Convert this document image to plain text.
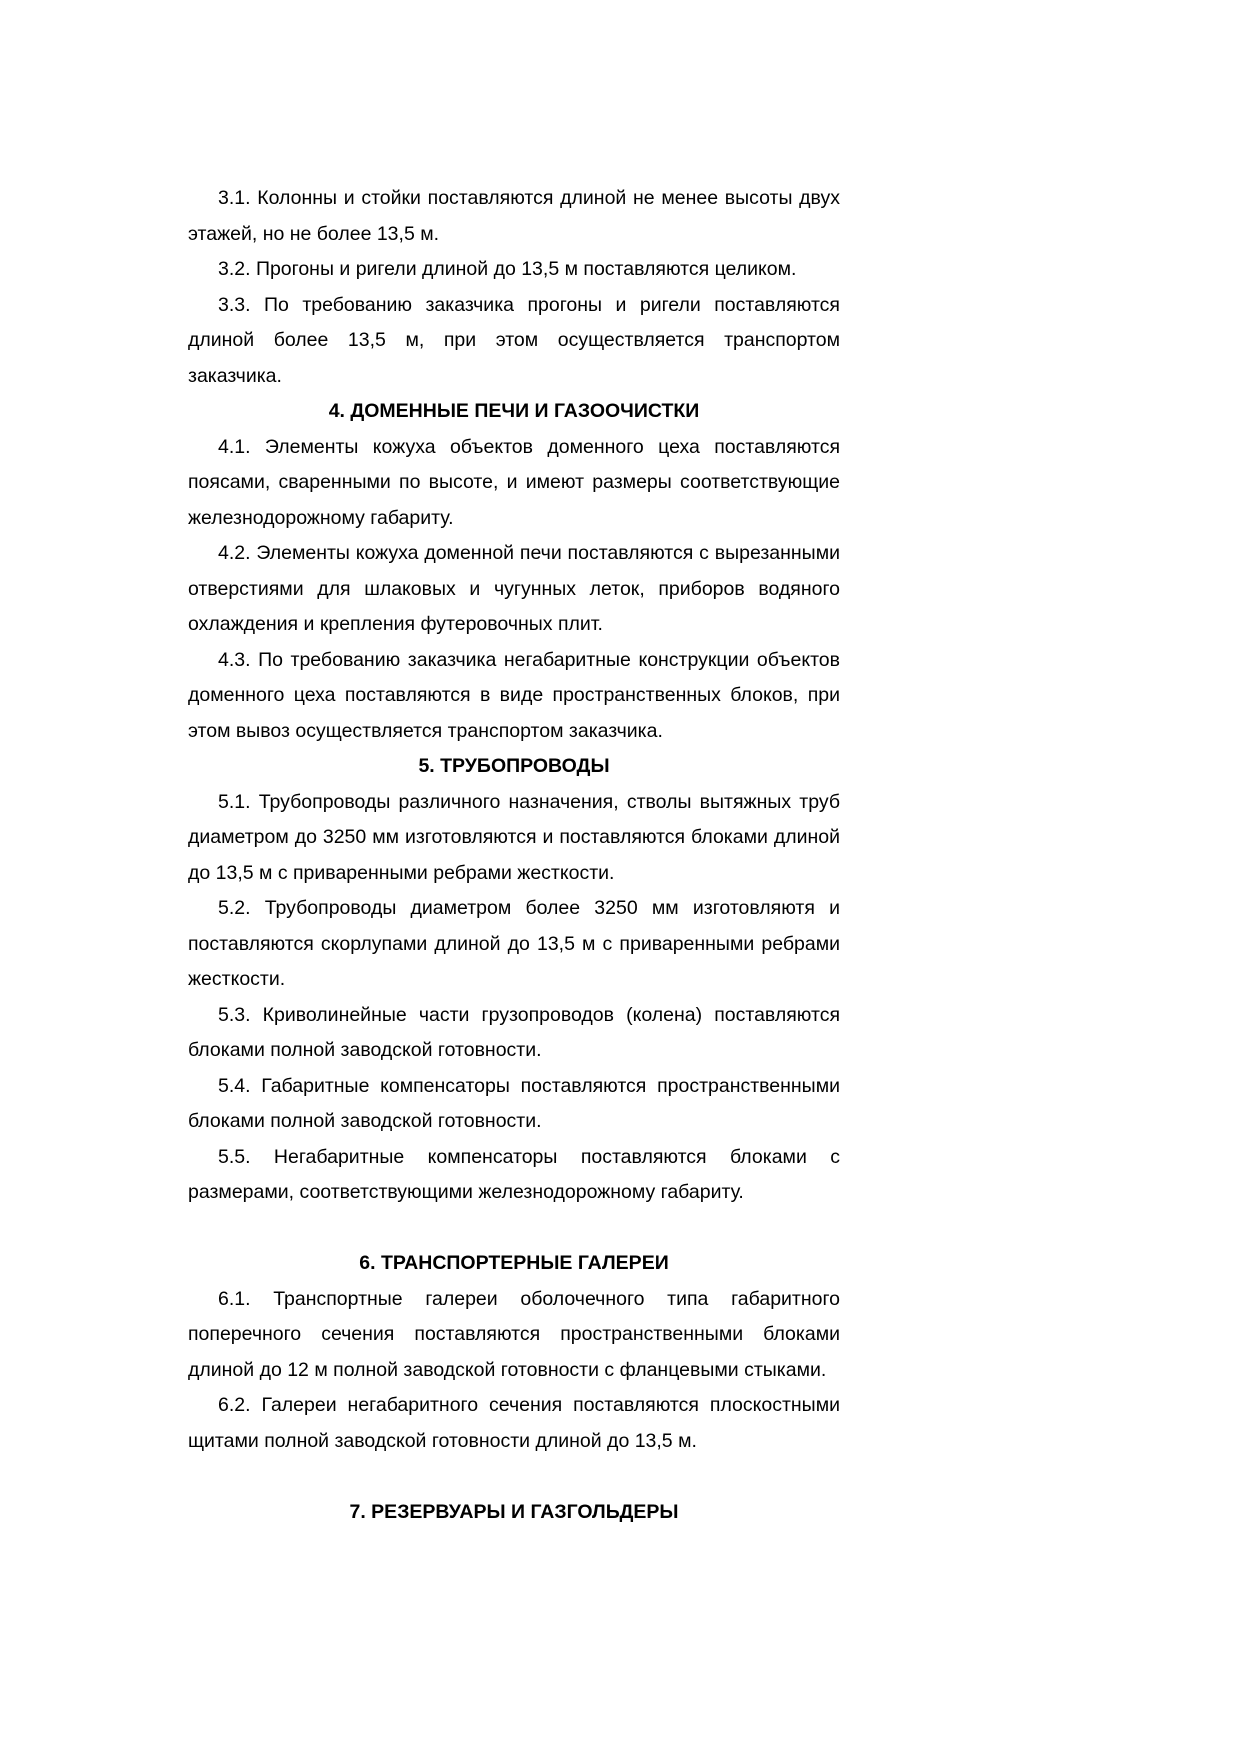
3.1. Колонны и стойки поставляются длиной не менее высоты двух этажей, но не более 13,5 м.

3.2. Прогоны и ригели длиной до 13,5 м поставляются целиком.

3.3. По требованию заказчика прогоны и ригели поставляются длиной более 13,5 м, при этом осуществляется транспортом заказчика.

4. ДОМЕННЫЕ ПЕЧИ И ГАЗООЧИСТКИ

4.1. Элементы кожуха объектов доменного цеха поставляются поясами, сваренными по высоте, и имеют размеры соответствующие железнодорожному габариту.

4.2. Элементы кожуха доменной печи поставляются с вырезанными отверстиями для шлаковых и чугунных леток, приборов водяного охлаждения и крепления футеровочных плит.

4.3. По требованию заказчика негабаритные конструкции объектов доменного цеха поставляются в виде пространственных блоков, при этом вывоз осуществляется транспортом заказчика.

5. ТРУБОПРОВОДЫ

5.1. Трубопроводы различного назначения, стволы вытяжных труб диаметром до 3250 мм изготовляются и поставляются блоками длиной до 13,5 м с приваренными ребрами жесткости.

5.2. Трубопроводы диаметром более 3250 мм изготовляютя и поставляются скорлупами длиной до 13,5 м с приваренными ребрами жесткости.

5.3. Криволинейные части грузопроводов (колена) поставляются блоками полной заводской готовности.

5.4. Габаритные компенсаторы поставляются пространственными блоками полной заводской готовности.

5.5. Негабаритные компенсаторы поставляются блоками с размерами, соответствующими железнодорожному габариту.

6. ТРАНСПОРТЕРНЫЕ ГАЛЕРЕИ

6.1. Транспортные галереи оболочечного типа габаритного поперечного сечения поставляются пространственными блоками длиной до 12 м полной заводской готовности с фланцевыми стыками.

6.2. Галереи негабаритного сечения поставляются плоскостными щитами полной заводской готовности длиной до 13,5 м.

7. РЕЗЕРВУАРЫ И ГАЗГОЛЬДЕРЫ
